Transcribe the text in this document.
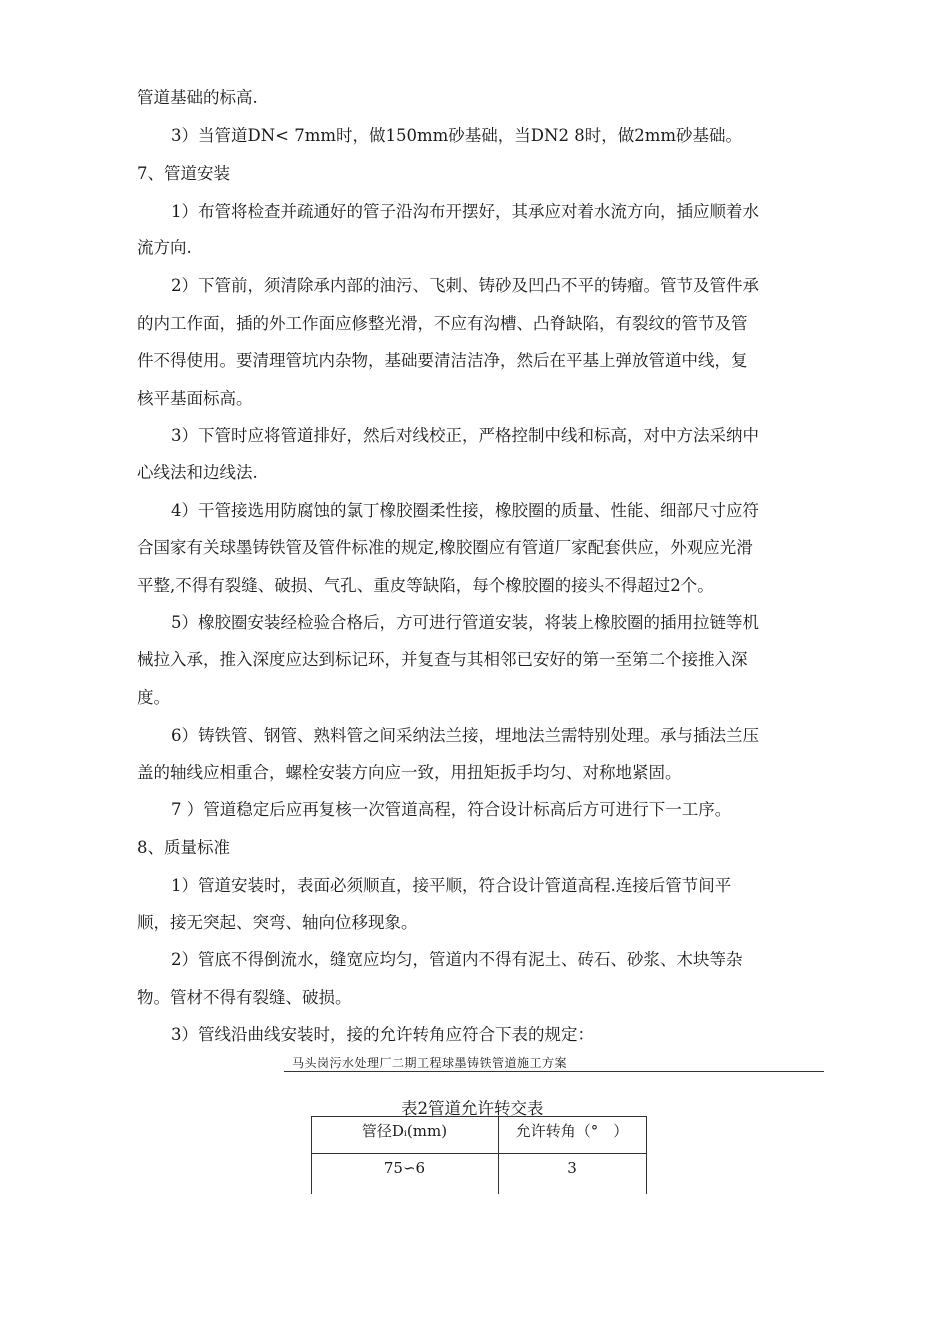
管道基础的标高.
3）当管道DN< 7mm时，做150mm砂基础，当DN2 8时，做2mm砂基础。
7、管道安装
1）布管将检查并疏通好的管子沿沟布开摆好，其承应对着水流方向，插应顺着水
流方向.
2）下管前，须清除承内部的油污、飞刺、铸砂及凹凸不平的铸瘤。管节及管件承
的内工作面，插的外工作面应修整光滑，不应有沟槽、凸脊缺陷，有裂纹的管节及管
件不得使用。要清理管坑内杂物，基础要清洁洁净，然后在平基上弹放管道中线，复
核平基面标高。
3）下管时应将管道排好，然后对线校正，严格控制中线和标高，对中方法采纳中
心线法和边线法.
4）干管接选用防腐蚀的氯丁橡胶圈柔性接，橡胶圈的质量、性能、细部尺寸应符
合国家有关球墨铸铁管及管件标准的规定,橡胶圈应有管道厂家配套供应，外观应光滑
平整,不得有裂缝、破损、气孔、重皮等缺陷，每个橡胶圈的接头不得超过2个。
5）橡胶圈安装经检验合格后，方可进行管道安装，将装上橡胶圈的插用拉链等机
械拉入承，推入深度应达到标记环，并复查与其相邻已安好的第一至第二个接推入深
度。
6）铸铁管、钢管、熟料管之间采纳法兰接，埋地法兰需特别处理。承与插法兰压
盖的轴线应相重合，螺栓安装方向应一致，用扭矩扳手均匀、对称地紧固。
7 ）管道稳定后应再复核一次管道高程，符合设计标高后方可进行下一工序。
8、质量标准
1）管道安装时，表面必须顺直，接平顺，符合设计管道高程.连接后管节间平
顺，接无突起、突弯、轴向位移现象。
2）管底不得倒流水，缝宽应均匀，管道内不得有泥土、砖石、砂浆、木块等杂
物。管材不得有裂缝、破损。
3）管线沿曲线安装时，接的允许转角应符合下表的规定：
马头岗污水处理厂二期工程球墨铸铁管道施工方案
表2管道允许转交表
管径Dᵢ(mm)	允许转角（°　）
75∽6	3
